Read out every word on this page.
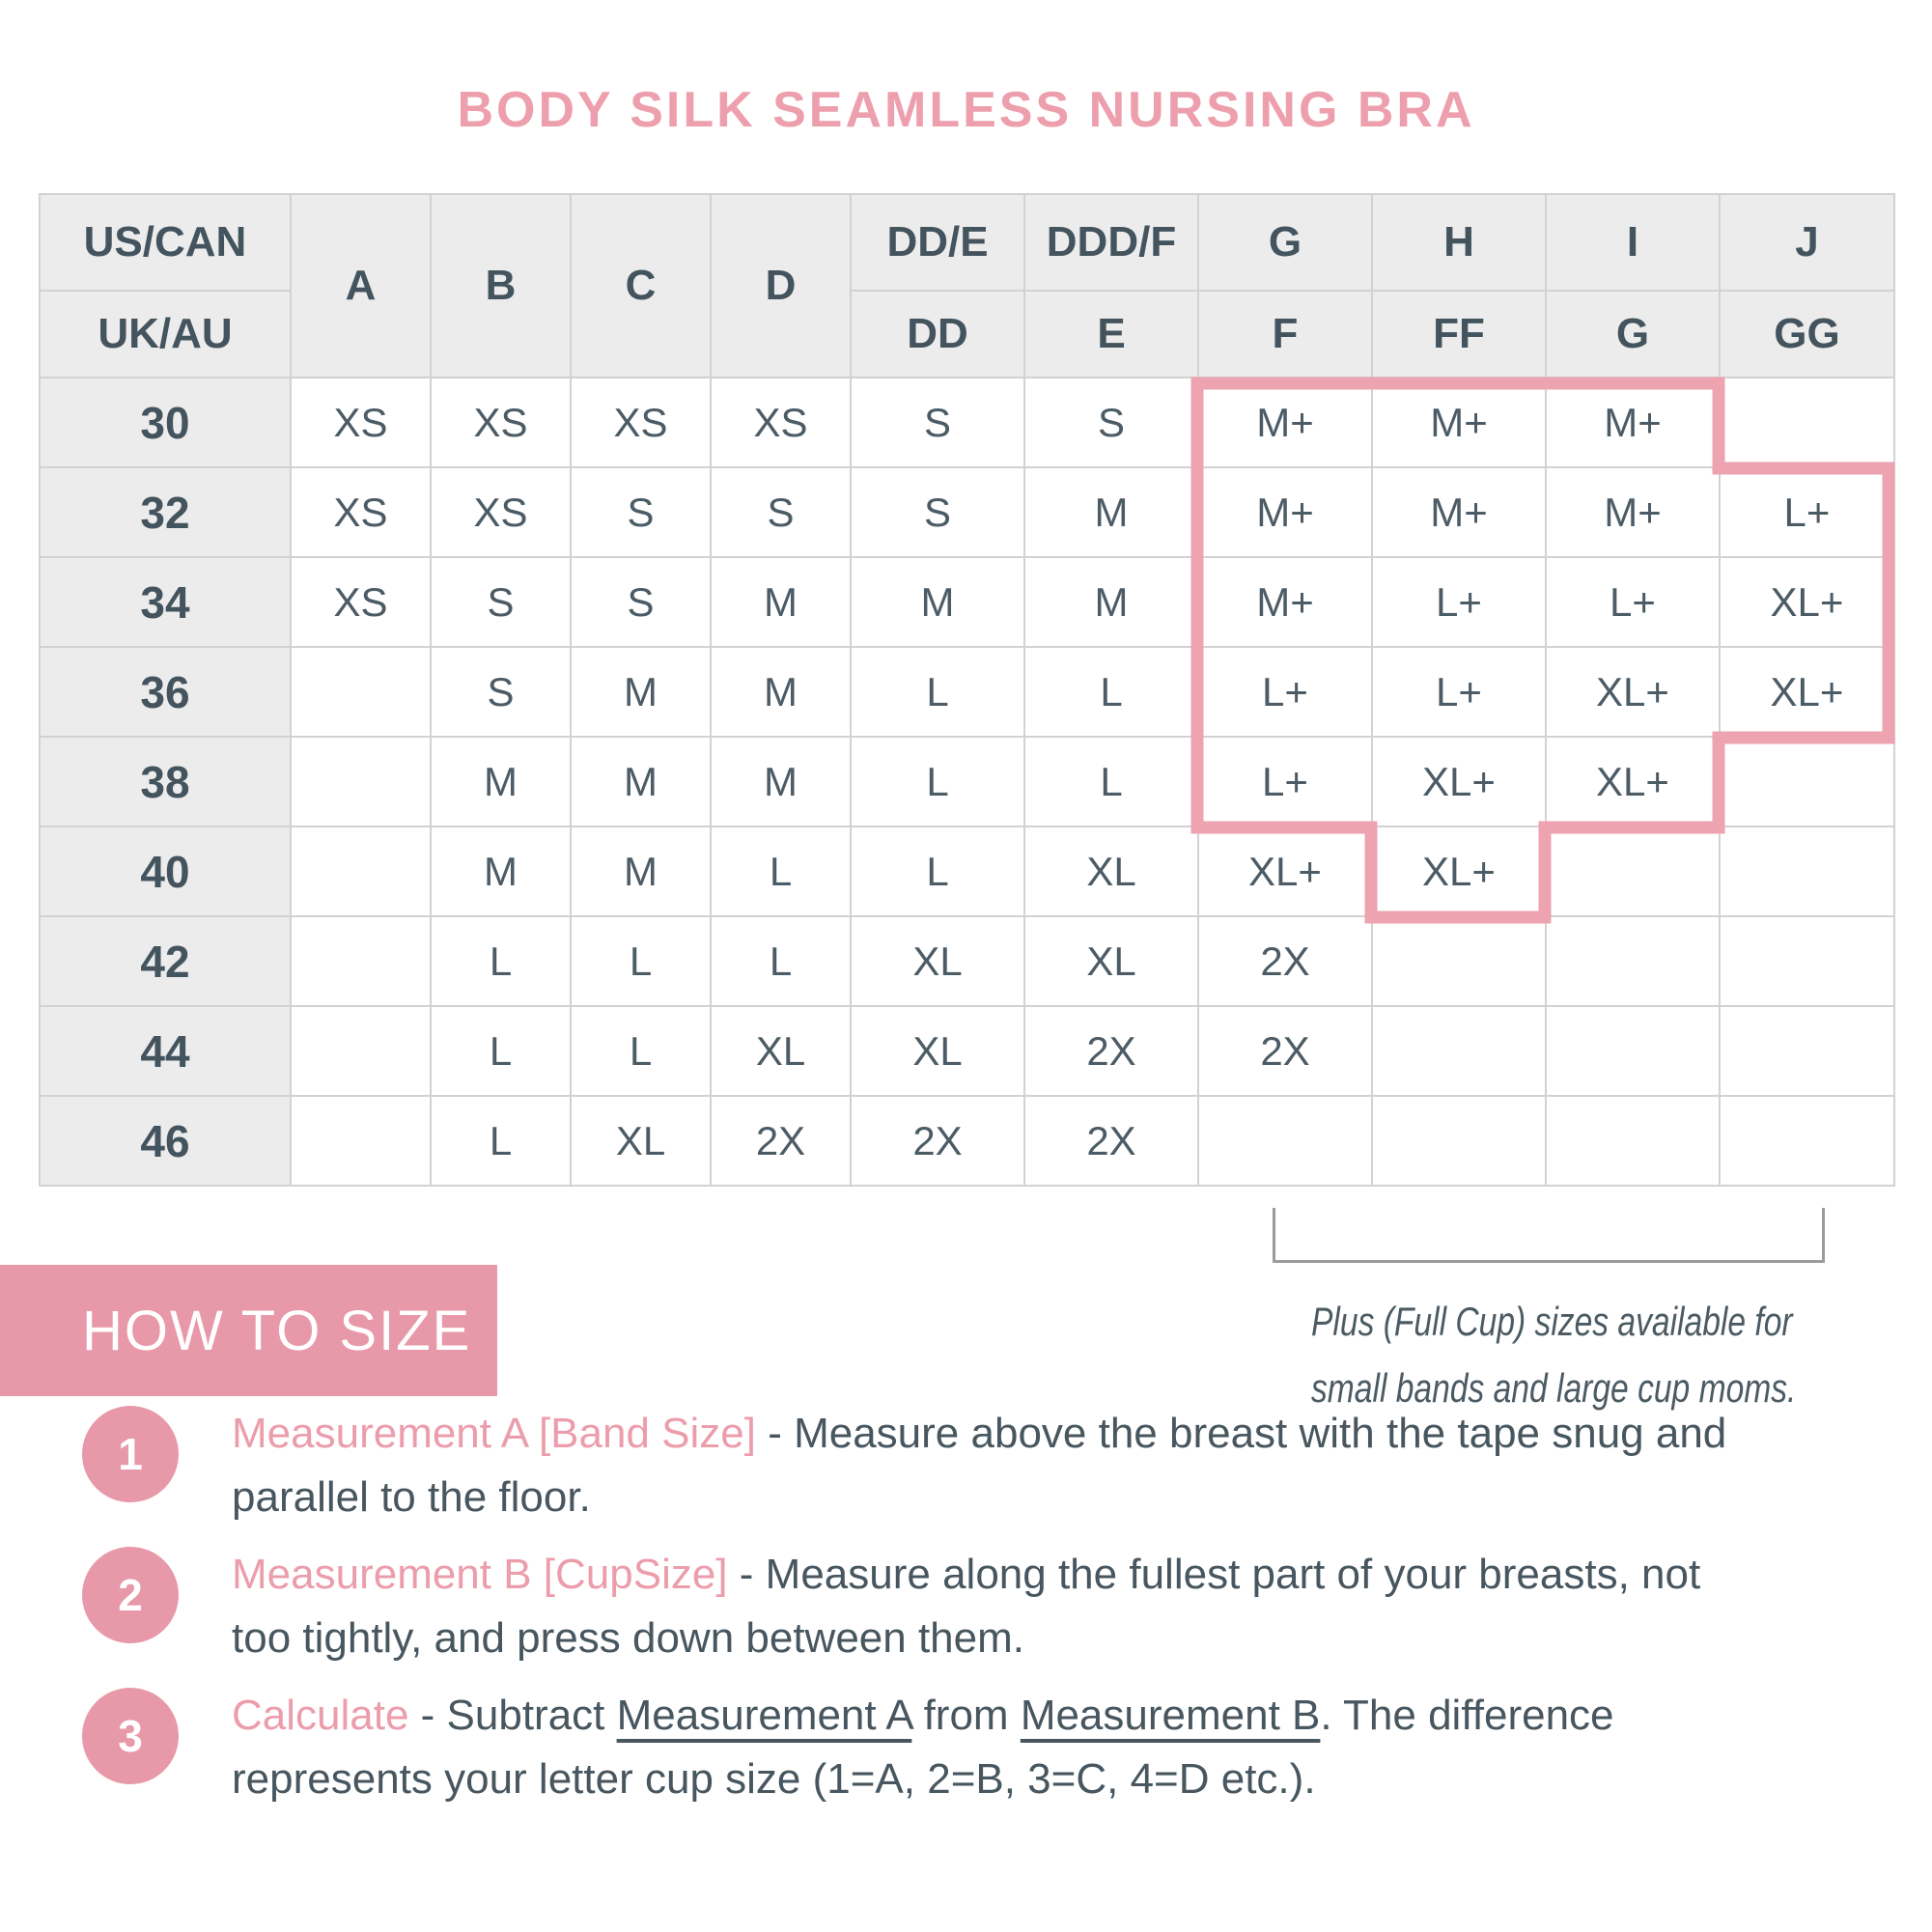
BODY SILK SEAMLESS NURSING BRA
US/CAN	A	B	C	D	DD/E	DDD/F	G	H	I	J
UK/AU					DD	E	F	FF	G	GG
30	XS	XS	XS	XS	S	S	M+	M+	M+	
32	XS	XS	S	S	S	M	M+	M+	M+	L+
34	XS	S	S	M	M	M	M+	L+	L+	XL+
36		S	M	M	L	L	L+	L+	XL+	XL+
38		M	M	M	L	L	L+	XL+	XL+	
40		M	M	L	L	XL	XL+	XL+		
42		L	L	L	XL	XL	2X			
44		L	L	XL	XL	2X	2X			
46		L	XL	2X	2X	2X				
Plus (Full Cup) sizes available for
small bands and large cup moms.
HOW TO SIZE
1	Measurement A [Band Size] - Measure above the breast with the tape snug and
parallel to the floor.
2	Measurement B [CupSize] - Measure along the fullest part of your breasts, not
too tightly, and press down between them.
3	Calculate - Subtract Measurement A from Measurement B. The difference
represents your letter cup size (1=A, 2=B, 3=C, 4=D etc.).
